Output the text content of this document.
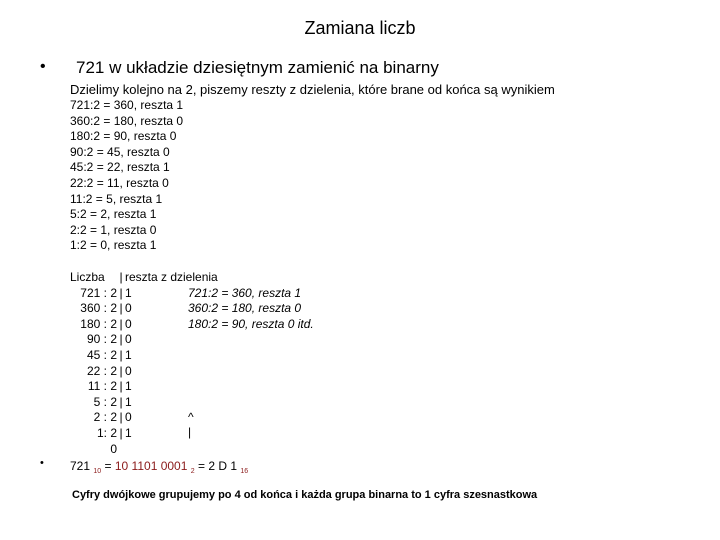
Zamiana liczb
• 721 w układzie dziesiętnym zamienić na binarny
Dzielimy kolejno na 2, piszemy reszty z dzielenia, które brane od końca są wynikiem
721:2 = 360, reszta 1
360:2 = 180, reszta 0
180:2 = 90, reszta 0
90:2 = 45, reszta 0
45:2 = 22, reszta 1
22:2 = 11, reszta 0
11:2 = 5, reszta 1
5:2 = 2, reszta 1
2:2 = 1, reszta 0
1:2 = 0, reszta 1
Liczba | reszta z dzielenia
721 : 2 | 1
360 : 2 | 0
180 : 2 | 0
90 : 2 | 0
45 : 2 | 1
22 : 2 | 0
11 : 2 | 1
5 : 2 | 1
2 : 2 | 0
1: 2 | 1
0
721:2 = 360, reszta 1
360:2 = 180, reszta 0
180:2 = 90, reszta 0 itd.
^
|
• 721 $_{10}$ = 10 1101 0001 $_2$ = 2 D 1 $_{16}$
Cyfry dwójkowe grupujemy po 4 od końca i każda grupa binarna to 1 cyfra szesnastkowa
